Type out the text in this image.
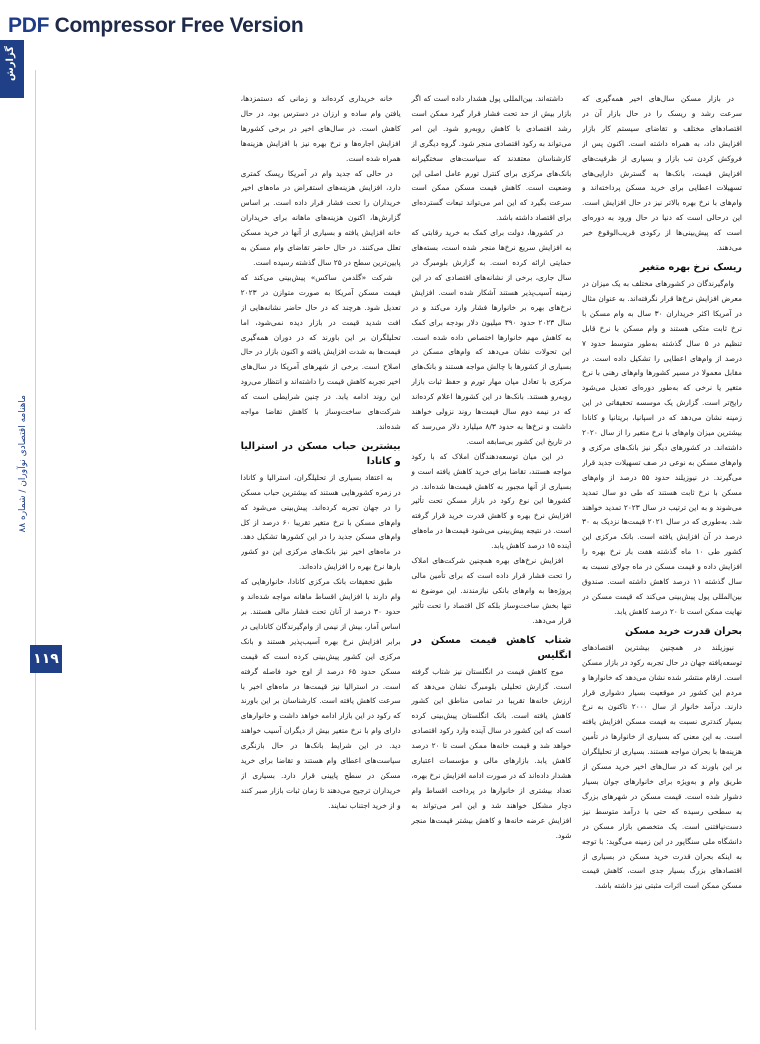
PDF Compressor Free Version
گزارش
ماهنامه اقتصادی نوآوران / شماره ۸۸
۱۱۹

در بازار مسکن سال‌های اخیر همه‌گیری که سرعت رشد و ریسک را در حال بازار آن در اقتصادهای مختلف و تقاضای سیستم کار بازار افزایش داد، به همراه داشته است. اکنون پس از فروکش کردن تب بازار و بسیاری از ظرفیت‌های افزایش قیمت، بانک‌ها به گسترش دارایی‌های تسهیلات اعطایی برای خرید مسکن پرداخته‌اند و وام‌های با نرخ بهره بالاتر نیز در حال افزایش است. این درحالی است که دنیا در حال ورود به دوره‌ای است که پیش‌بینی‌ها از رکودی قریب‌الوقوع خبر می‌دهند.

ریسک نرخ بهره متغیر

وام‌گیرندگان در کشورهای مختلف به یک میزان در معرض افزایش نرخ‌ها قرار نگرفته‌اند. به عنوان مثال در آمریکا اکثر خریداران ۳۰ سال به وام مسکن با نرخ ثابت متکی هستند و وام مسکن با نرخ قابل تنظیم در ۵ سال گذشته به‌طور متوسط حدود ۷ درصد از وام‌های اعطایی را تشکیل داده است. در مقابل معمولا در مسیر کشورها وام‌های رهنی با نرخ متغیر یا نرخی که به‌طور دوره‌ای تعدیل می‌شود رایج‌تر است. گزارش یک موسسه تحقیقاتی در این زمینه نشان می‌دهد که در اسپانیا، بریتانیا و کانادا بیشترین میزان وام‌های با نرخ متغیر را از سال ۲۰۲۰ داشته‌اند. در کشورهای دیگر نیز بانک‌های مرکزی و وام‌های مسکن به نوعی در صف تسهیلات جدید قرار می‌گیرند. در نیوزیلند حدود ۵۵ درصد از وام‌های مسکن با نرخ ثابت هستند که طی دو سال تمدید می‌شوند و به این ترتیب در سال ۲۰۲۳ تمدید خواهند شد. به‌طوری که در سال ۲۰۲۱ قیمت‌ها نزدیک به ۳۰ درصد در آن افزایش یافته است. بانک مرکزی این کشور طی ۱۰ ماه گذشته هفت بار نرخ بهره را افزایش داده و قیمت مسکن در ماه جولای نسبت به سال گذشته ۱۱ درصد کاهش داشته است. صندوق بین‌المللی پول پیش‌بینی می‌کند که قیمت مسکن در نهایت ممکن است تا ۲۰ درصد کاهش یابد.

بحران قدرت خرید مسکن

نیوزیلند در همچنین بیشترین اقتصادهای توسعه‌یافته جهان در حال تجربه رکود در بازار مسکن است. ارقام منتشر شده نشان می‌دهد که خانوارها و مردم این کشور در موقعیت بسیار دشواری قرار دارند. درآمد خانوار از سال ۲۰۰۰ تاکنون به نرخ بسیار کندتری نسبت به قیمت مسکن افزایش یافته است. به این معنی که بسیاری از خانوارها در تأمین هزینه‌ها با بحران مواجه هستند. بسیاری از تحلیلگران بر این باورند که در سال‌های اخیر خرید مسکن از طریق وام و به‌ویژه برای خانوارهای جوان بسیار دشوار شده است. قیمت مسکن در شهرهای بزرگ به سطحی رسیده که حتی با درآمد متوسط نیز دست‌نیافتنی است. یک متخصص بازار مسکن در دانشگاه ملی سنگاپور در این زمینه می‌گوید: با توجه به اینکه بحران قدرت خرید مسکن در بسیاری از اقتصادهای بزرگ بسیار جدی است، کاهش قیمت مسکن ممکن است اثرات مثبتی نیز داشته باشد.

داشته‌اند. بین‌المللی پول هشدار داده است که اگر بازار بیش از حد تحت فشار قرار گیرد ممکن است رشد اقتصادی با کاهش روبه‌رو شود. این امر می‌تواند به رکود اقتصادی منجر شود. گروه دیگری از کارشناسان معتقدند که سیاست‌های سختگیرانه بانک‌های مرکزی برای کنترل تورم عامل اصلی این وضعیت است. کاهش قیمت مسکن ممکن است سرعت بگیرد که این امر می‌تواند تبعات گسترده‌ای برای اقتصاد داشته باشد.

در کشورها، دولت برای کمک به خرید رقابتی که به افزایش سریع نرخ‌ها منجر شده است، بسته‌های حمایتی ارائه کرده است. به گزارش بلومبرگ در سال جاری، برخی از نشانه‌های اقتصادی که در این زمینه آسیب‌پذیر هستند آشکار شده است. افزایش نرخ‌های بهره بر خانوارها فشار وارد می‌کند و در سال ۲۰۲۳ حدود ۳۹۰ میلیون دلار بودجه برای کمک به کاهش مهم خانوارها اختصاص داده شده است. این تحولات نشان می‌دهد که وام‌های مسکن در بسیاری از کشورها با چالش مواجه هستند و بانک‌های مرکزی با تعادل میان مهار تورم و حفظ ثبات بازار روبه‌رو هستند. بانک‌ها در این کشورها اعلام کرده‌اند که در نیمه دوم سال قیمت‌ها روند نزولی خواهند داشت و نرخ‌ها به حدود ۸/۳ میلیارد دلار می‌رسد که در تاریخ این کشور بی‌سابقه است.

در این میان توسعه‌دهندگان املاک که با رکود مواجه هستند، تقاضا برای خرید کاهش یافته است و بسیاری از آنها مجبور به کاهش قیمت‌ها شده‌اند. در کشورها این نوع رکود در بازار مسکن تحت تأثیر افزایش نرخ بهره و کاهش قدرت خرید قرار گرفته است. در نتیجه پیش‌بینی می‌شود قیمت‌ها در ماه‌های آینده ۱۵ درصد کاهش یابد.

افزایش نرخ‌های بهره همچنین شرکت‌های املاک را تحت فشار قرار داده است که برای تأمین مالی پروژه‌ها به وام‌های بانکی نیازمندند. این موضوع نه تنها بخش ساخت‌وساز بلکه کل اقتصاد را تحت تأثیر قرار می‌دهد.

شتاب کاهش قیمت مسکن در انگلیس

موج کاهش قیمت در انگلستان نیز شتاب گرفته است. گزارش تحلیلی بلومبرگ نشان می‌دهد که ارزش خانه‌ها تقریبا در تمامی مناطق این کشور کاهش یافته است. بانک انگلستان پیش‌بینی کرده است که این کشور در سال آینده وارد رکود اقتصادی خواهد شد و قیمت خانه‌ها ممکن است تا ۲۰ درصد کاهش یابد. بازارهای مالی و مؤسسات اعتباری هشدار داده‌اند که در صورت ادامه افزایش نرخ بهره، تعداد بیشتری از خانوارها در پرداخت اقساط وام دچار مشکل خواهند شد و این امر می‌تواند به افزایش عرضه خانه‌ها و کاهش بیشتر قیمت‌ها منجر شود.

خانه خریداری کرده‌اند و زمانی که دستمزدها، یافتن وام ساده و ارزان در دسترس بود، در حال کاهش است. در سال‌های اخیر در برخی کشورها افزایش اجاره‌ها و نرخ بهره نیز با افزایش هزینه‌ها همراه شده است.

در حالی که جدید وام در آمریکا ریسک کمتری دارد، افزایش هزینه‌های استقراض در ماه‌های اخیر خریداران را تحت فشار قرار داده است. بر اساس گزارش‌ها، اکنون هزینه‌های ماهانه برای خریداران خانه افزایش یافته و بسیاری از آنها در خرید مسکن تعلل می‌کنند. در حال حاضر تقاضای وام مسکن به پایین‌ترین سطح در ۲۵ سال گذشته رسیده است.

شرکت «گلدمن ساکس» پیش‌بینی می‌کند که قیمت مسکن آمریکا به صورت متوازن در ۲۰۲۳ تعدیل شود. هرچند که در حال حاضر نشانه‌هایی از افت شدید قیمت در بازار دیده نمی‌شود، اما تحلیلگران بر این باورند که در دوران همه‌گیری قیمت‌ها به شدت افزایش یافته و اکنون بازار در حال اصلاح است. برخی از شهرهای آمریکا در سال‌های اخیر تجربه کاهش قیمت را داشته‌اند و انتظار می‌رود این روند ادامه یابد. در چنین شرایطی است که شرکت‌های ساخت‌وساز با کاهش تقاضا مواجه شده‌اند.

بیشترین حباب مسکن در استرالیا و کانادا

به اعتقاد بسیاری از تحلیلگران، استرالیا و کانادا در زمره کشورهایی هستند که بیشترین حباب مسکن را در جهان تجربه کرده‌اند. پیش‌بینی می‌شود که وام‌های مسکن با نرخ متغیر تقریبا ۶۰ درصد از کل وام‌های مسکن جدید را در این کشورها تشکیل دهد. در ماه‌های اخیر نیز بانک‌های مرکزی این دو کشور بارها نرخ بهره را افزایش داده‌اند.

طبق تحقیقات بانک مرکزی کانادا، خانوارهایی که وام دارند با افزایش اقساط ماهانه مواجه شده‌اند و حدود ۳۰ درصد از آنان تحت فشار مالی هستند. بر اساس آمار، بیش از نیمی از وام‌گیرندگان کانادایی در برابر افزایش نرخ بهره آسیب‌پذیر هستند و بانک مرکزی این کشور پیش‌بینی کرده است که قیمت مسکن حدود ۶۵ درصد از اوج خود فاصله گرفته است. در استرالیا نیز قیمت‌ها در ماه‌های اخیر با سرعت کاهش یافته است. کارشناسان بر این باورند که رکود در این بازار ادامه خواهد داشت و خانوارهای دارای وام با نرخ متغیر بیش از دیگران آسیب خواهند دید. در این شرایط بانک‌ها در حال بازنگری سیاست‌های اعطای وام هستند و تقاضا برای خرید مسکن در سطح پایینی قرار دارد. بسیاری از خریداران ترجیح می‌دهند تا زمان ثبات بازار صبر کنند و از خرید اجتناب نمایند.
